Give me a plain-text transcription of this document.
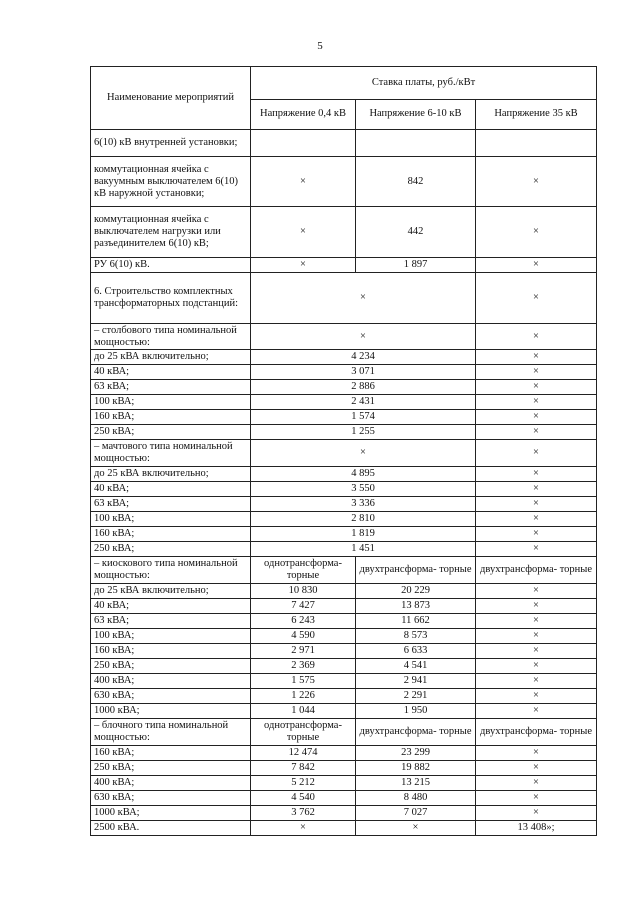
5
Наименование мероприятий	Ставка платы, руб./кВт		
	Напряжение 0,4 кВ	Напряжение 6-10 кВ	Напряжение 35 кВ
6(10) кВ внутренней установки;			
коммутационная ячейка с вакуумным выключателем 6(10) кВ наружной установки;	×	842	×
коммутационная ячейка с выключателем нагрузки или разъединителем 6(10) кВ;	×	442	×
РУ 6(10) кВ.	×	1 897	×
6. Строительство комплектных трансформаторных подстанций:	×		×
– столбового типа номинальной мощностью:	×		×
до 25 кВА включительно;	4 234		×
40 кВА;	3 071		×
63 кВА;	2 886		×
100 кВА;	2 431		×
160 кВА;	1 574		×
250 кВА;	1 255		×
– мачтового типа номинальной мощностью:	×		×
до 25 кВА включительно;	4 895		×
40 кВА;	3 550		×
63 кВА;	3 336		×
100 кВА;	2 810		×
160 кВА;	1 819		×
250 кВА;	1 451		×
– киоскового типа номинальной мощностью:	однотрансформа- торные	двухтрансформа- торные	двухтрансформа- торные
до 25 кВА включительно;	10 830	20 229	×
40 кВА;	7 427	13 873	×
63 кВА;	6 243	11 662	×
100 кВА;	4 590	8 573	×
160 кВА;	2 971	6 633	×
250 кВА;	2 369	4 541	×
400 кВА;	1 575	2 941	×
630 кВА;	1 226	2 291	×
1000 кВА;	1 044	1 950	×
– блочного типа номинальной мощностью:	однотрансформа- торные	двухтрансформа- торные	двухтрансформа- торные
160 кВА;	12 474	23 299	×
250 кВА;	7 842	19 882	×
400 кВА;	5 212	13 215	×
630 кВА;	4 540	8 480	×
1000 кВА;	3 762	7 027	×
2500 кВА.	×	×	13 408»;
